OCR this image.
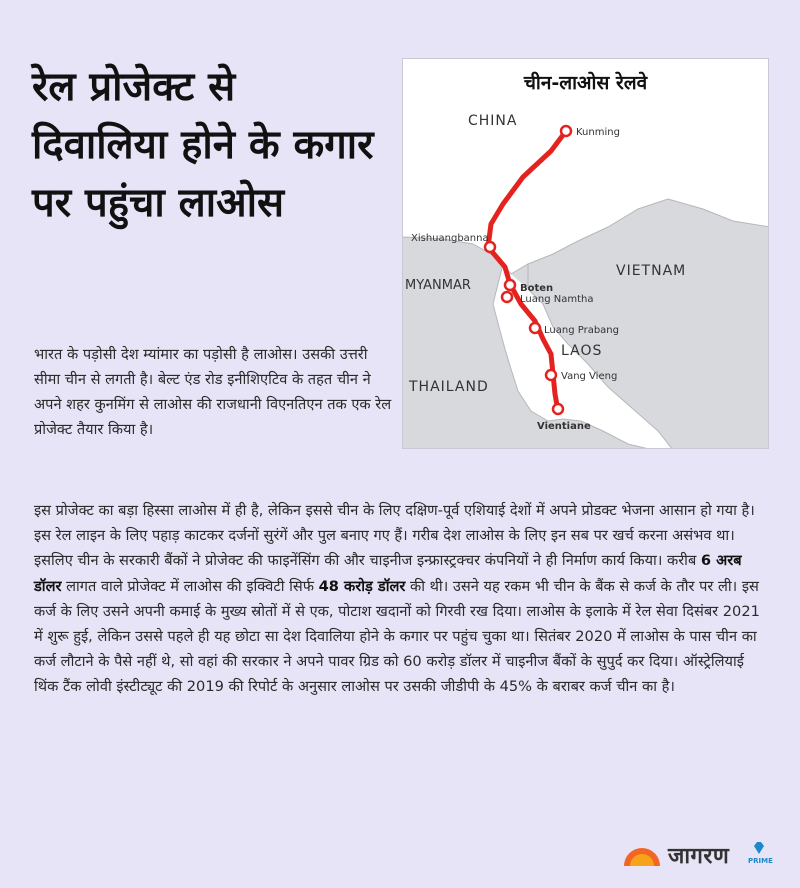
रेल प्रोजेक्ट से दिवालिया होने के कगार पर पहुंचा लाओस

भारत के पड़ोसी देश म्यांमार का पड़ोसी है लाओस। उसकी उत्तरी सीमा चीन से लगती है। बेल्ट एंड रोड इनीशिएटिव के तहत चीन ने अपने शहर कुनमिंग से लाओस की राजधानी विएनतिएन तक एक रेल प्रोजेक्ट तैयार किया है।

CHINA
MYANMAR
VIETNAM
LAOS
THAILAND
Kunming
Xishuangbanna
Boten
Luang Namtha
Luang Prabang
Vang Vieng
Vientiane
चीन-लाओस रेलवे

इस प्रोजेक्ट का बड़ा हिस्सा लाओस में ही है, लेकिन इससे चीन के लिए दक्षिण-पूर्व एशियाई देशों में अपने प्रोडक्ट भेजना आसान हो गया है। इस रेल लाइन के लिए पहाड़ काटकर दर्जनों सुरंगें और पुल बनाए गए हैं। गरीब देश लाओस के लिए इन सब पर खर्च करना असंभव था। इसलिए चीन के सरकारी बैंकों ने प्रोजेक्ट की फाइनेंसिंग की और चाइनीज इन्फ्रास्ट्रक्चर कंपनियों ने ही निर्माण कार्य किया। करीब 6 अरब डॉलर लागत वाले प्रोजेक्ट में लाओस की इक्विटी सिर्फ 48 करोड़ डॉलर की थी। उसने यह रकम भी चीन के बैंक से कर्ज के तौर पर ली। इस कर्ज के लिए उसने अपनी कमाई के मुख्य स्रोतों में से एक, पोटाश खदानों को गिरवी रख दिया। लाओस के इलाके में रेल सेवा दिसंबर 2021 में शुरू हुई, लेकिन उससे पहले ही यह छोटा सा देश दिवालिया होने के कगार पर पहुंच चुका था। सितंबर 2020 में लाओस के पास चीन का कर्ज लौटाने के पैसे नहीं थे, सो वहां की सरकार ने अपने पावर ग्रिड को 60 करोड़ डॉलर में चाइनीज बैंकों के सुपुर्द कर दिया। ऑस्ट्रेलियाई थिंक टैंक लोवी इंस्टीट्यूट की 2019 की रिपोर्ट के अनुसार लाओस पर उसकी जीडीपी के 45% के बराबर कर्ज चीन का है।

जागरण	PRIME
